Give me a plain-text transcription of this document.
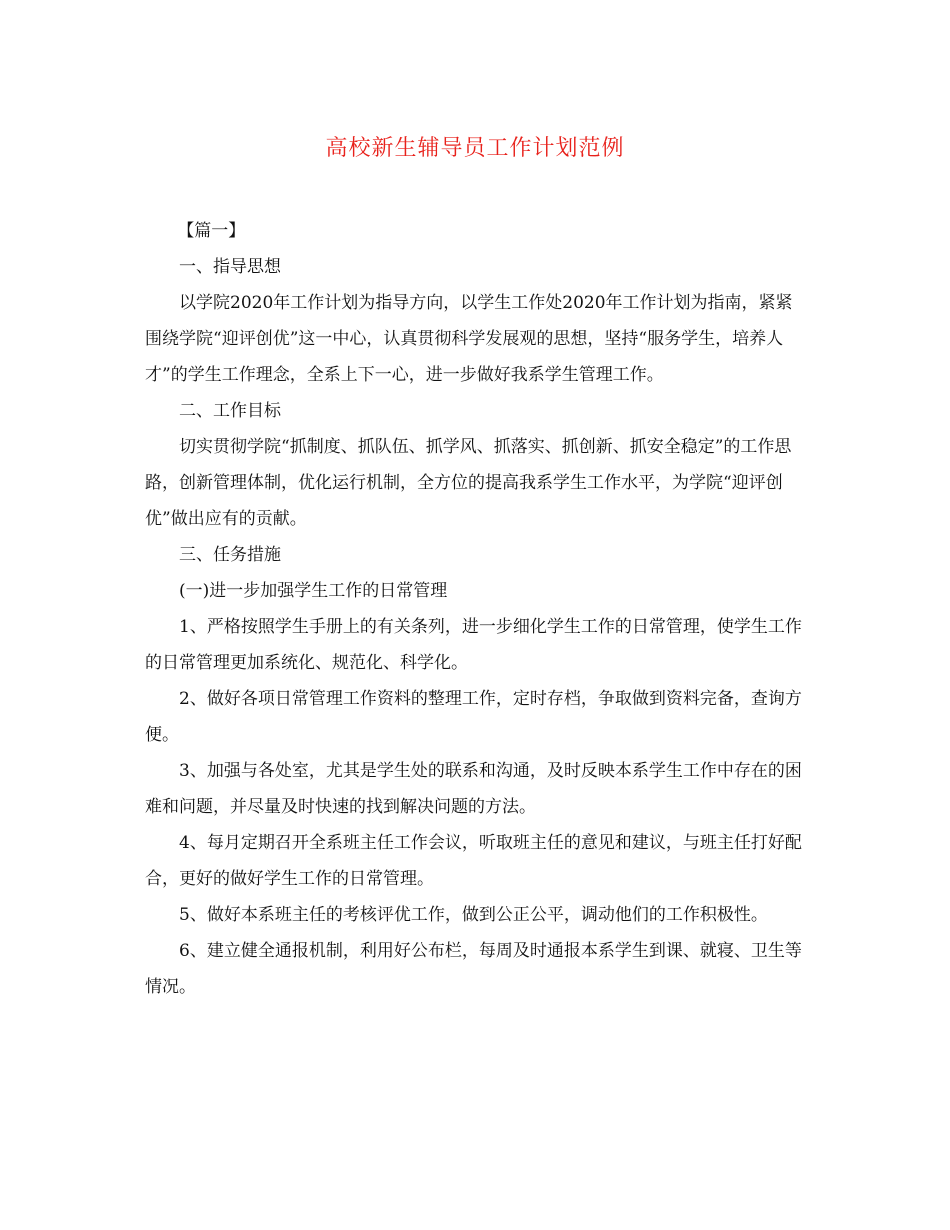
高校新生辅导员工作计划范例

【篇一】

一、指导思想

以学院2020年工作计划为指导方向，以学生工作处2020年工作计划为指南，紧紧围绕学院“迎评创优”这一中心，认真贯彻科学发展观的思想，坚持“服务学生，培养人才”的学生工作理念，全系上下一心，进一步做好我系学生管理工作。

二、工作目标

切实贯彻学院“抓制度、抓队伍、抓学风、抓落实、抓创新、抓安全稳定”的工作思路，创新管理体制，优化运行机制，全方位的提高我系学生工作水平，为学院“迎评创优”做出应有的贡献。

三、任务措施

(一)进一步加强学生工作的日常管理

1、严格按照学生手册上的有关条列，进一步细化学生工作的日常管理，使学生工作的日常管理更加系统化、规范化、科学化。

2、做好各项日常管理工作资料的整理工作，定时存档，争取做到资料完备，查询方便。

3、加强与各处室，尤其是学生处的联系和沟通，及时反映本系学生工作中存在的困难和问题，并尽量及时快速的找到解决问题的方法。

4、每月定期召开全系班主任工作会议，听取班主任的意见和建议，与班主任打好配合，更好的做好学生工作的日常管理。

5、做好本系班主任的考核评优工作，做到公正公平，调动他们的工作积极性。

6、建立健全通报机制，利用好公布栏，每周及时通报本系学生到课、就寝、卫生等情况。
